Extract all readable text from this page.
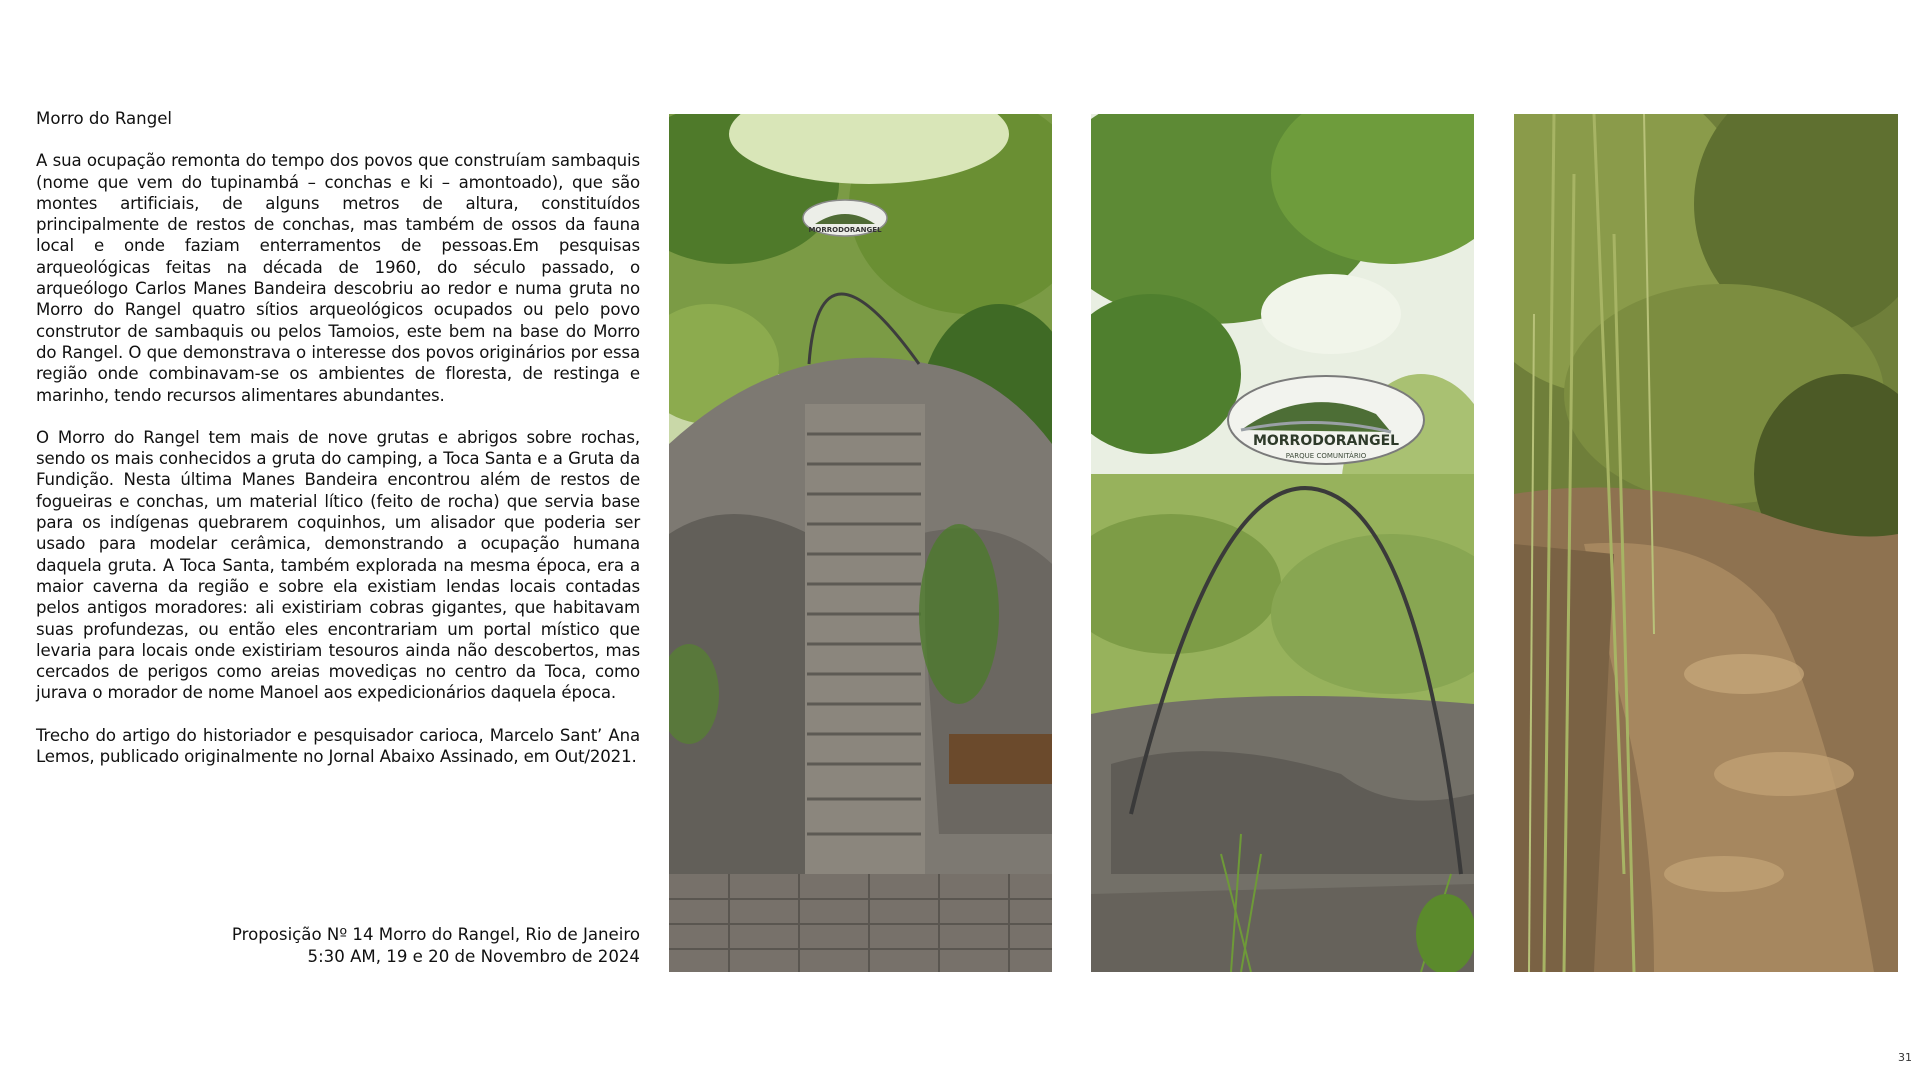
Morro do Rangel

A sua ocupação remonta do tempo dos povos que construíam sambaquis (nome que vem do tupinambá – conchas e ki – amontoado), que são montes artificiais, de alguns metros de altura, constituídos principalmente de restos de conchas, mas também de ossos da fauna local e onde faziam enterramentos de pessoas.Em pesquisas arqueológicas feitas na década de 1960, do século passado, o arqueólogo Carlos Manes Bandeira descobriu ao redor e numa gruta no Morro do Rangel quatro sítios arqueológicos ocupados ou pelo povo construtor de sambaquis ou pelos Tamoios, este bem na base do Morro do Rangel. O que demonstrava o interesse dos povos originários por essa região onde combinavam-se os ambientes de floresta, de restinga e marinho, tendo recursos alimentares abundantes.

O Morro do Rangel tem mais de nove grutas e abrigos sobre rochas, sendo os mais conhecidos a gruta do camping, a Toca Santa e a Gruta da Fundição. Nesta última Manes Bandeira encontrou além de restos de fogueiras e conchas, um material lítico (feito de rocha) que servia base para os indígenas quebrarem coquinhos, um alisador que poderia ser usado para modelar cerâmica, demonstrando a ocupação humana daquela gruta. A Toca Santa, também explorada na mesma época, era a maior caverna da região e sobre ela existiam lendas locais contadas pelos antigos moradores: ali existiriam cobras gigantes, que habitavam suas profundezas, ou então eles encontrariam um portal místico que levaria para locais onde existiriam tesouros ainda não descobertos, mas cercados de perigos como areias movediças no centro da Toca, como jurava o morador de nome Manoel aos expedicionários daquela época.

Trecho do artigo do historiador e pesquisador carioca, Marcelo Sant’ Ana Lemos, publicado originalmente no Jornal Abaixo Assinado, em Out/2021.

Proposição Nº 14 Morro do Rangel, Rio de Janeiro
5:30 AM, 19 e 20 de Novembro de 2024
MORRODORANGEL
MORRODORANGEL
PARQUE COMUNITÁRIO
31
